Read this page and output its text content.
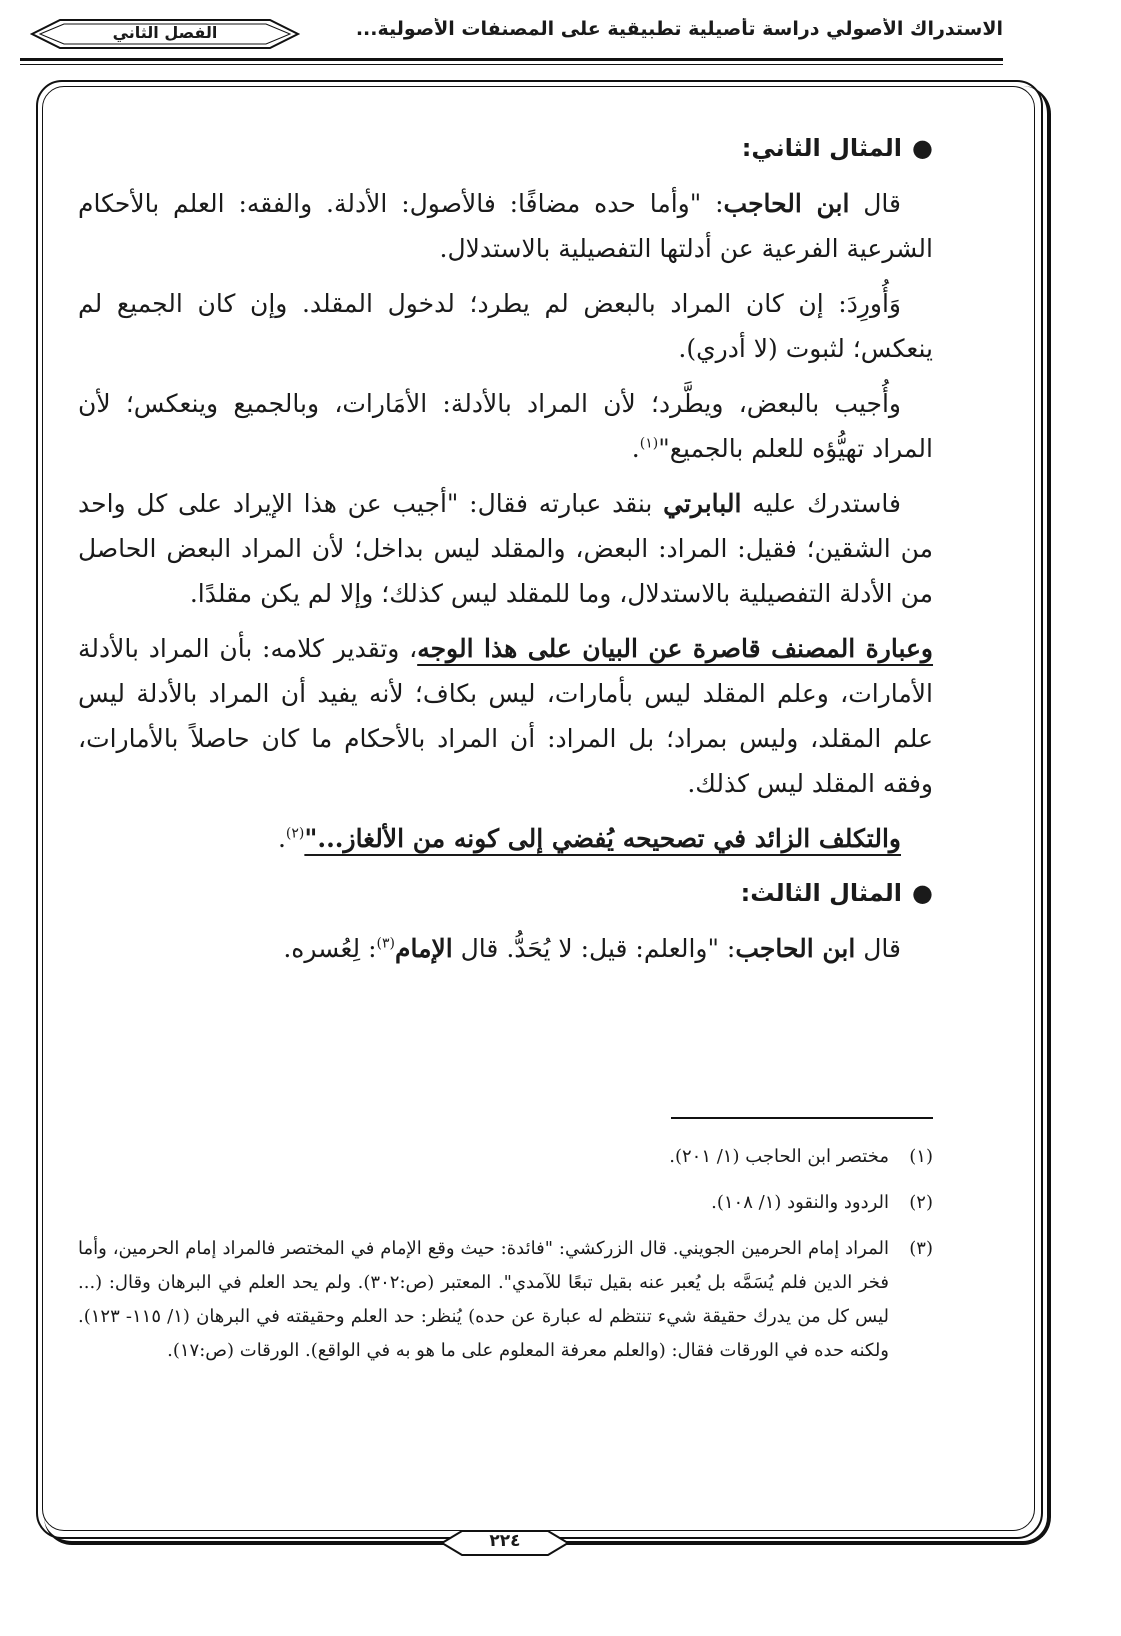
الاستدراك الأصولي دراسة تأصيلية تطبيقية على المصنفات الأصولية...
الفصل الثاني

●المثال الثاني:

قال ابن الحاجب: "وأما حده مضافًا: فالأصول: الأدلة. والفقه: العلم بالأحكام الشرعية الفرعية عن أدلتها التفصيلية بالاستدلال.

وَأُورِدَ: إن كان المراد بالبعض لم يطرد؛ لدخول المقلد. وإن كان الجميع لم ينعكس؛ لثبوت (لا أدري).

وأُجيب بالبعض، ويطَّرد؛ لأن المراد بالأدلة: الأمَارات، وبالجميع وينعكس؛ لأن المراد تهيُّؤه للعلم بالجميع"$^{(١)}$.

فاستدرك عليه البابرتي بنقد عبارته فقال: "أجيب عن هذا الإيراد على كل واحد من الشقين؛ فقيل: المراد: البعض، والمقلد ليس بداخل؛ لأن المراد البعض الحاصل من الأدلة التفصيلية بالاستدلال، وما للمقلد ليس كذلك؛ وإلا لم يكن مقلدًا.

وعبارة المصنف قاصرة عن البيان على هذا الوجه، وتقدير كلامه: بأن المراد بالأدلة الأمارات، وعلم المقلد ليس بأمارات، ليس بكاف؛ لأنه يفيد أن المراد بالأدلة ليس علم المقلد، وليس بمراد؛ بل المراد: أن المراد بالأحكام ما كان حاصلاً بالأمارات، وفقه المقلد ليس كذلك.

والتكلف الزائد في تصحيحه يُفضي إلى كونه من الألغاز..."$^{(٢)}$.

●المثال الثالث:

قال ابن الحاجب: "والعلم: قيل: لا يُحَدُّ. قال الإمام$^{(٣)}$: لِعُسره.

(١)
مختصر ابن الحاجب (١/ ٢٠١).
(٢)
الردود والنقود (١/ ١٠٨).
(٣)
المراد إمام الحرمين الجويني. قال الزركشي: "فائدة: حيث وقع الإمام في المختصر فالمراد إمام الحرمين، وأما فخر الدين فلم يُسَمَّه بل يُعبر عنه بقيل تبعًا للآمدي". المعتبر (ص:٣٠٢). ولم يحد العلم في البرهان وقال: (... ليس كل من يدرك حقيقة شيء تنتظم له عبارة عن حده) يُنظر: حد العلم وحقيقته في البرهان (١/ ١١٥- ١٢٣). ولكنه حده في الورقات فقال: (والعلم معرفة المعلوم على ما هو به في الواقع). الورقات (ص:١٧).
٢٢٤
